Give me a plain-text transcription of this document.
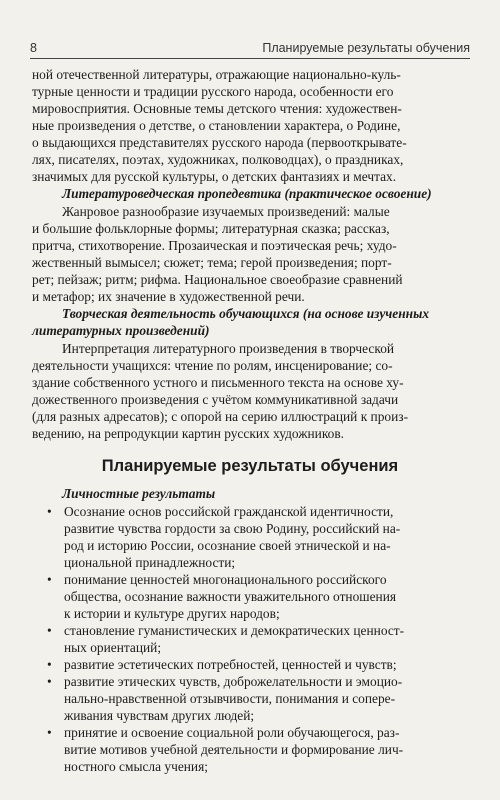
8	Планируемые результаты обучения
ной отечественной литературы, отражающие национально-куль-
турные ценности и традиции русского народа, особенности его
мировосприятия. Основные темы детского чтения: художествен-
ные произведения о детстве, о становлении характера, о Родине,
о выдающихся представителях русского народа (первооткрывате-
лях, писателях, поэтах, художниках, полководцах), о праздниках,
значимых для русской культуры, о детских фантазиях и мечтах.
Литературоведческая пропедевтика (практическое освоение)
Жанровое разнообразие изучаемых произведений: малые
и большие фольклорные формы; литературная сказка; рассказ,
притча, стихотворение. Прозаическая и поэтическая речь; худо-
жественный вымысел; сюжет; тема; герой произведения; порт-
рет; пейзаж; ритм; рифма. Национальное своеобразие сравнений
и метафор; их значение в художественной речи.
Творческая деятельность обучающихся (на основе изученных
литературных произведений)
Интерпретация литературного произведения в творческой
деятельности учащихся: чтение по ролям, инсценирование; со-
здание собственного устного и письменного текста на основе ху-
дожественного произведения с учётом коммуникативной задачи
(для разных адресатов); с опорой на серию иллюстраций к произ-
ведению, на репродукции картин русских художников.
Планируемые результаты обучения
Личностные результаты
• Осознание основ российской гражданской идентичности,
развитие чувства гордости за свою Родину, российский на-
род и историю России, осознание своей этнической и на-
циональной принадлежности;
• понимание ценностей многонационального российского
общества, осознание важности уважительного отношения
к истории и культуре других народов;
• становление гуманистических и демократических ценност-
ных ориентаций;
• развитие эстетических потребностей, ценностей и чувств;
• развитие этических чувств, доброжелательности и эмоцио-
нально-нравственной отзывчивости, понимания и сопере-
живания чувствам других людей;
• принятие и освоение социальной роли обучающегося, раз-
витие мотивов учебной деятельности и формирование лич-
ностного смысла учения;
